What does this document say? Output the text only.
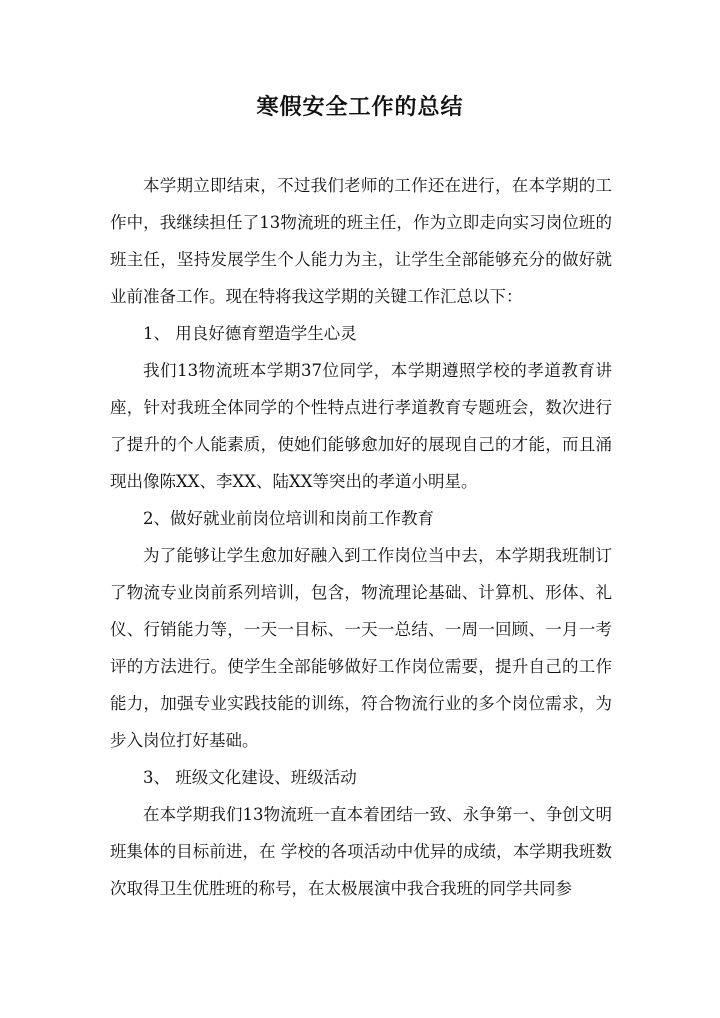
寒假安全工作的总结

本学期立即结束，不过我们老师的工作还在进行，在本学期的工作中，我继续担任了13物流班的班主任，作为立即走向实习岗位班的班主任，坚持发展学生个人能力为主，让学生全部能够充分的做好就业前准备工作。现在特将我这学期的关键工作汇总以下：

1、 用良好德育塑造学生心灵

我们13物流班本学期37位同学，本学期遵照学校的孝道教育讲座，针对我班全体同学的个性特点进行孝道教育专题班会，数次进行了提升的个人能素质，使她们能够愈加好的展现自己的才能，而且涌现出像陈XX、李XX、陆XX等突出的孝道小明星。

2、做好就业前岗位培训和岗前工作教育

为了能够让学生愈加好融入到工作岗位当中去，本学期我班制订了物流专业岗前系列培训，包含，物流理论基础、计算机、形体、礼仪、行销能力等，一天一目标、一天一总结、一周一回顾、一月一考评的方法进行。使学生全部能够做好工作岗位需要，提升自己的工作能力，加强专业实践技能的训练，符合物流行业的多个岗位需求，为步入岗位打好基础。

3、 班级文化建设、班级活动

在本学期我们13物流班一直本着团结一致、永争第一、争创文明班集体的目标前进，在 学校的各项活动中优异的成绩，本学期我班数次取得卫生优胜班的称号，在太极展演中我合我班的同学共同参
